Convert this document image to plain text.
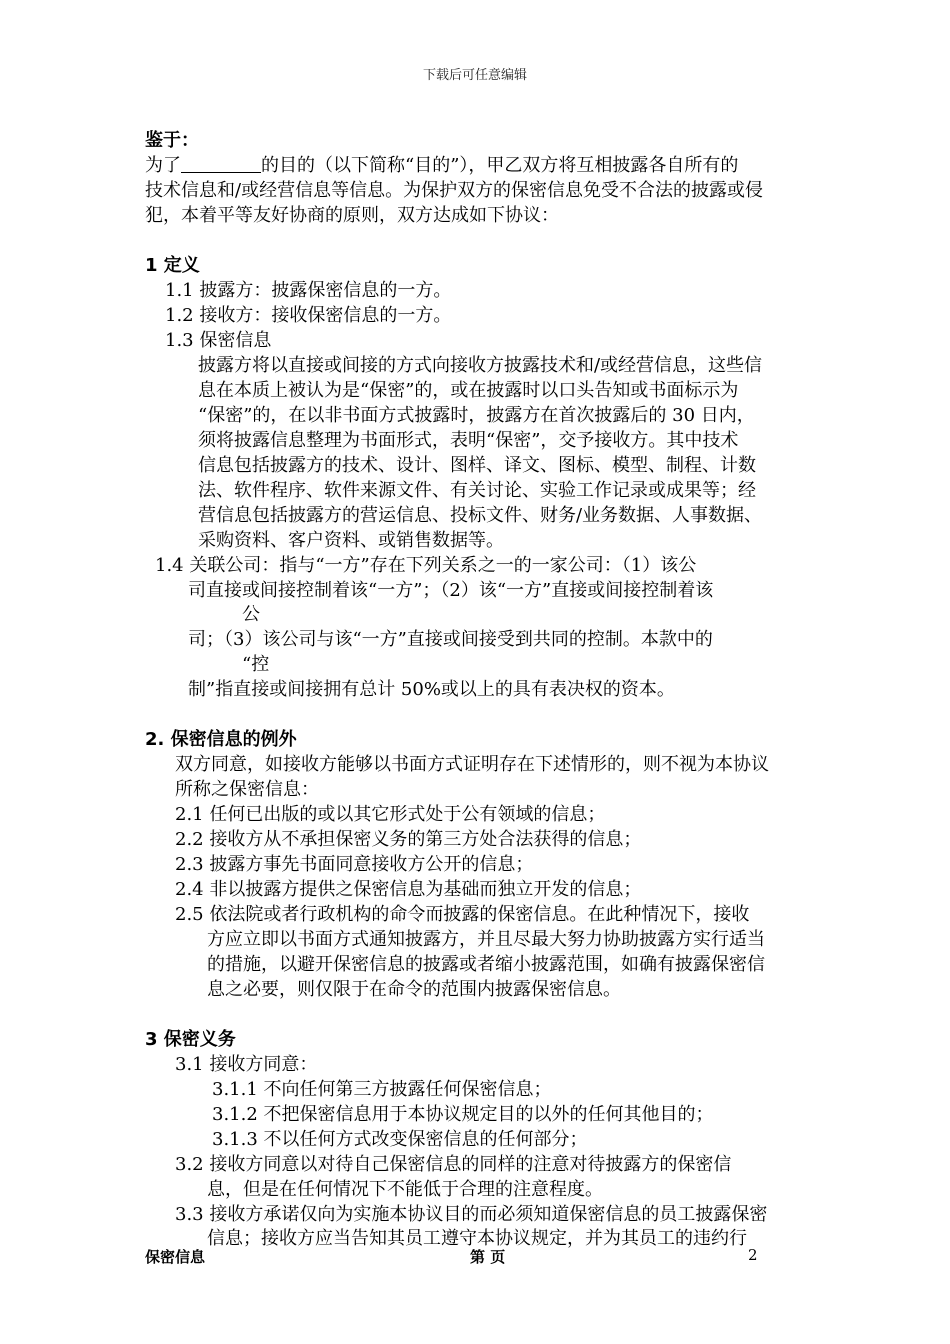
下载后可任意编辑
鉴于：
为了	的目的（以下简称“目的”），甲乙双方将互相披露各自所有的
技术信息和/或经营信息等信息。为保护双方的保密信息免受不合法的披露或侵
犯，本着平等友好协商的原则，双方达成如下协议：
1 定义
1.1 披露方：披露保密信息的一方。
1.2 接收方：接收保密信息的一方。
1.3 保密信息
披露方将以直接或间接的方式向接收方披露技术和/或经营信息，这些信
息在本质上被认为是“保密”的，或在披露时以口头告知或书面标示为
“保密”的，在以非书面方式披露时，披露方在首次披露后的 30 日内，
须将披露信息整理为书面形式，表明“保密”，交予接收方。其中技术
信息包括披露方的技术、设计、图样、译文、图标、模型、制程、计数
法、软件程序、软件来源文件、有关讨论、实验工作记录或成果等；经
营信息包括披露方的营运信息、投标文件、财务/业务数据、人事数据、
采购资料、客户资料、或销售数据等。
1.4 关联公司：指与“一方”存在下列关系之一的一家公司：（1）该公
司直接或间接控制着该“一方”；（2）该“一方”直接或间接控制着该
公
司；（3）该公司与该“一方”直接或间接受到共同的控制。本款中的
“控
制”指直接或间接拥有总计 50%或以上的具有表决权的资本。
2. 保密信息的例外
双方同意，如接收方能够以书面方式证明存在下述情形的，则不视为本协议
所称之保密信息：
2.1 任何已出版的或以其它形式处于公有领域的信息；
2.2 接收方从不承担保密义务的第三方处合法获得的信息；
2.3 披露方事先书面同意接收方公开的信息；
2.4 非以披露方提供之保密信息为基础而独立开发的信息；
2.5 依法院或者行政机构的命令而披露的保密信息。在此种情况下，接收
方应立即以书面方式通知披露方，并且尽最大努力协助披露方实行适当
的措施，以避开保密信息的披露或者缩小披露范围，如确有披露保密信
息之必要，则仅限于在命令的范围内披露保密信息。
3 保密义务
3.1 接收方同意：
3.1.1 不向任何第三方披露任何保密信息；
3.1.2 不把保密信息用于本协议规定目的以外的任何其他目的；
3.1.3 不以任何方式改变保密信息的任何部分；
3.2 接收方同意以对待自己保密信息的同样的注意对待披露方的保密信
息，但是在任何情况下不能低于合理的注意程度。
3.3 接收方承诺仅向为实施本协议目的而必须知道保密信息的员工披露保密
信息；接收方应当告知其员工遵守本协议规定，并为其员工的违约行
保密信息	第 页	2
